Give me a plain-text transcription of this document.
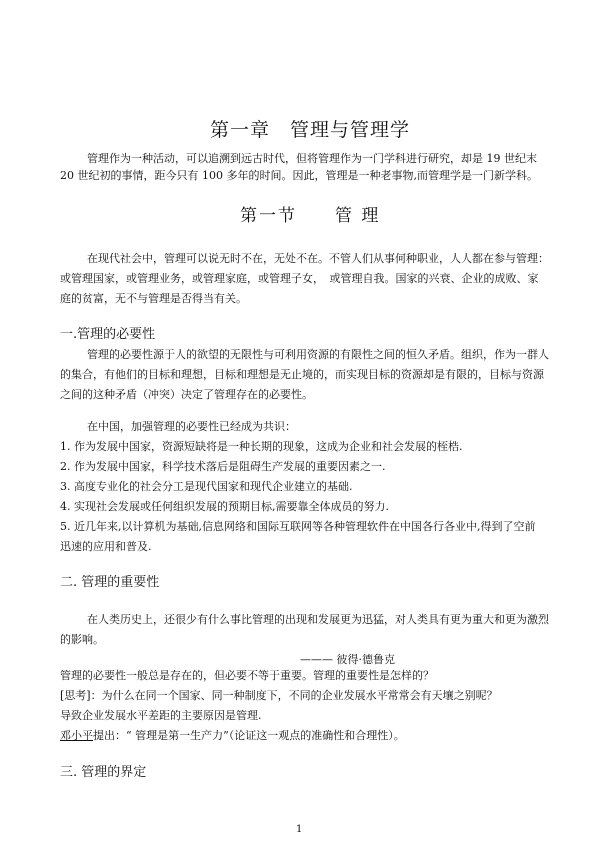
第一章　管理与管理学
管理作为一种活动，可以追溯到远古时代，但将管理作为一门学科进行研究，却是 19 世纪末
20 世纪初的事情，距今只有 100 多年的时间。因此，管理是一种老事物,而管理学是一门新学科。
第一节　　管 理
在现代社会中，管理可以说无时不在，无处不在。不管人们从事何种职业，人人都在参与管理：
或管理国家，或管理业务，或管理家庭，或管理子女，　或管理自我。国家的兴衰、企业的成败、家
庭的贫富，无不与管理是否得当有关。
一.管理的必要性
管理的必要性源于人的欲望的无限性与可利用资源的有限性之间的恒久矛盾。组织，作为一群人
的集合，有他们的目标和理想，目标和理想是无止境的，而实现目标的资源却是有限的，目标与资源
之间的这种矛盾（冲突）决定了管理存在的必要性。
在中国，加强管理的必要性已经成为共识：
1. 作为发展中国家，资源短缺将是一种长期的现象，这成为企业和社会发展的桎梏.
2. 作为发展中国家，科学技术落后是阻碍生产发展的重要因素之一.
3. 高度专业化的社会分工是现代国家和现代企业建立的基础.
4. 实现社会发展或任何组织发展的预期目标,需要靠全体成员的努力.
5. 近几年来,以计算机为基础,信息网络和国际互联网等各种管理软件在中国各行各业中,得到了空前
迅速的应用和普及.
二. 管理的重要性
在人类历史上，还很少有什么事比管理的出现和发展更为迅猛，对人类具有更为重大和更为激烈
的影响。
——— 彼得·德鲁克
管理的必要性一般总是存在的，但必要不等于重要。管理的重要性是怎样的？
[思考]：为什么在同一个国家、同一种制度下，不同的企业发展水平常常会有天壤之别呢？
导致企业发展水平差距的主要原因是管理.
邓小平提出：“ 管理是第一生产力”（论证这一观点的准确性和合理性）。
三. 管理的界定
1
